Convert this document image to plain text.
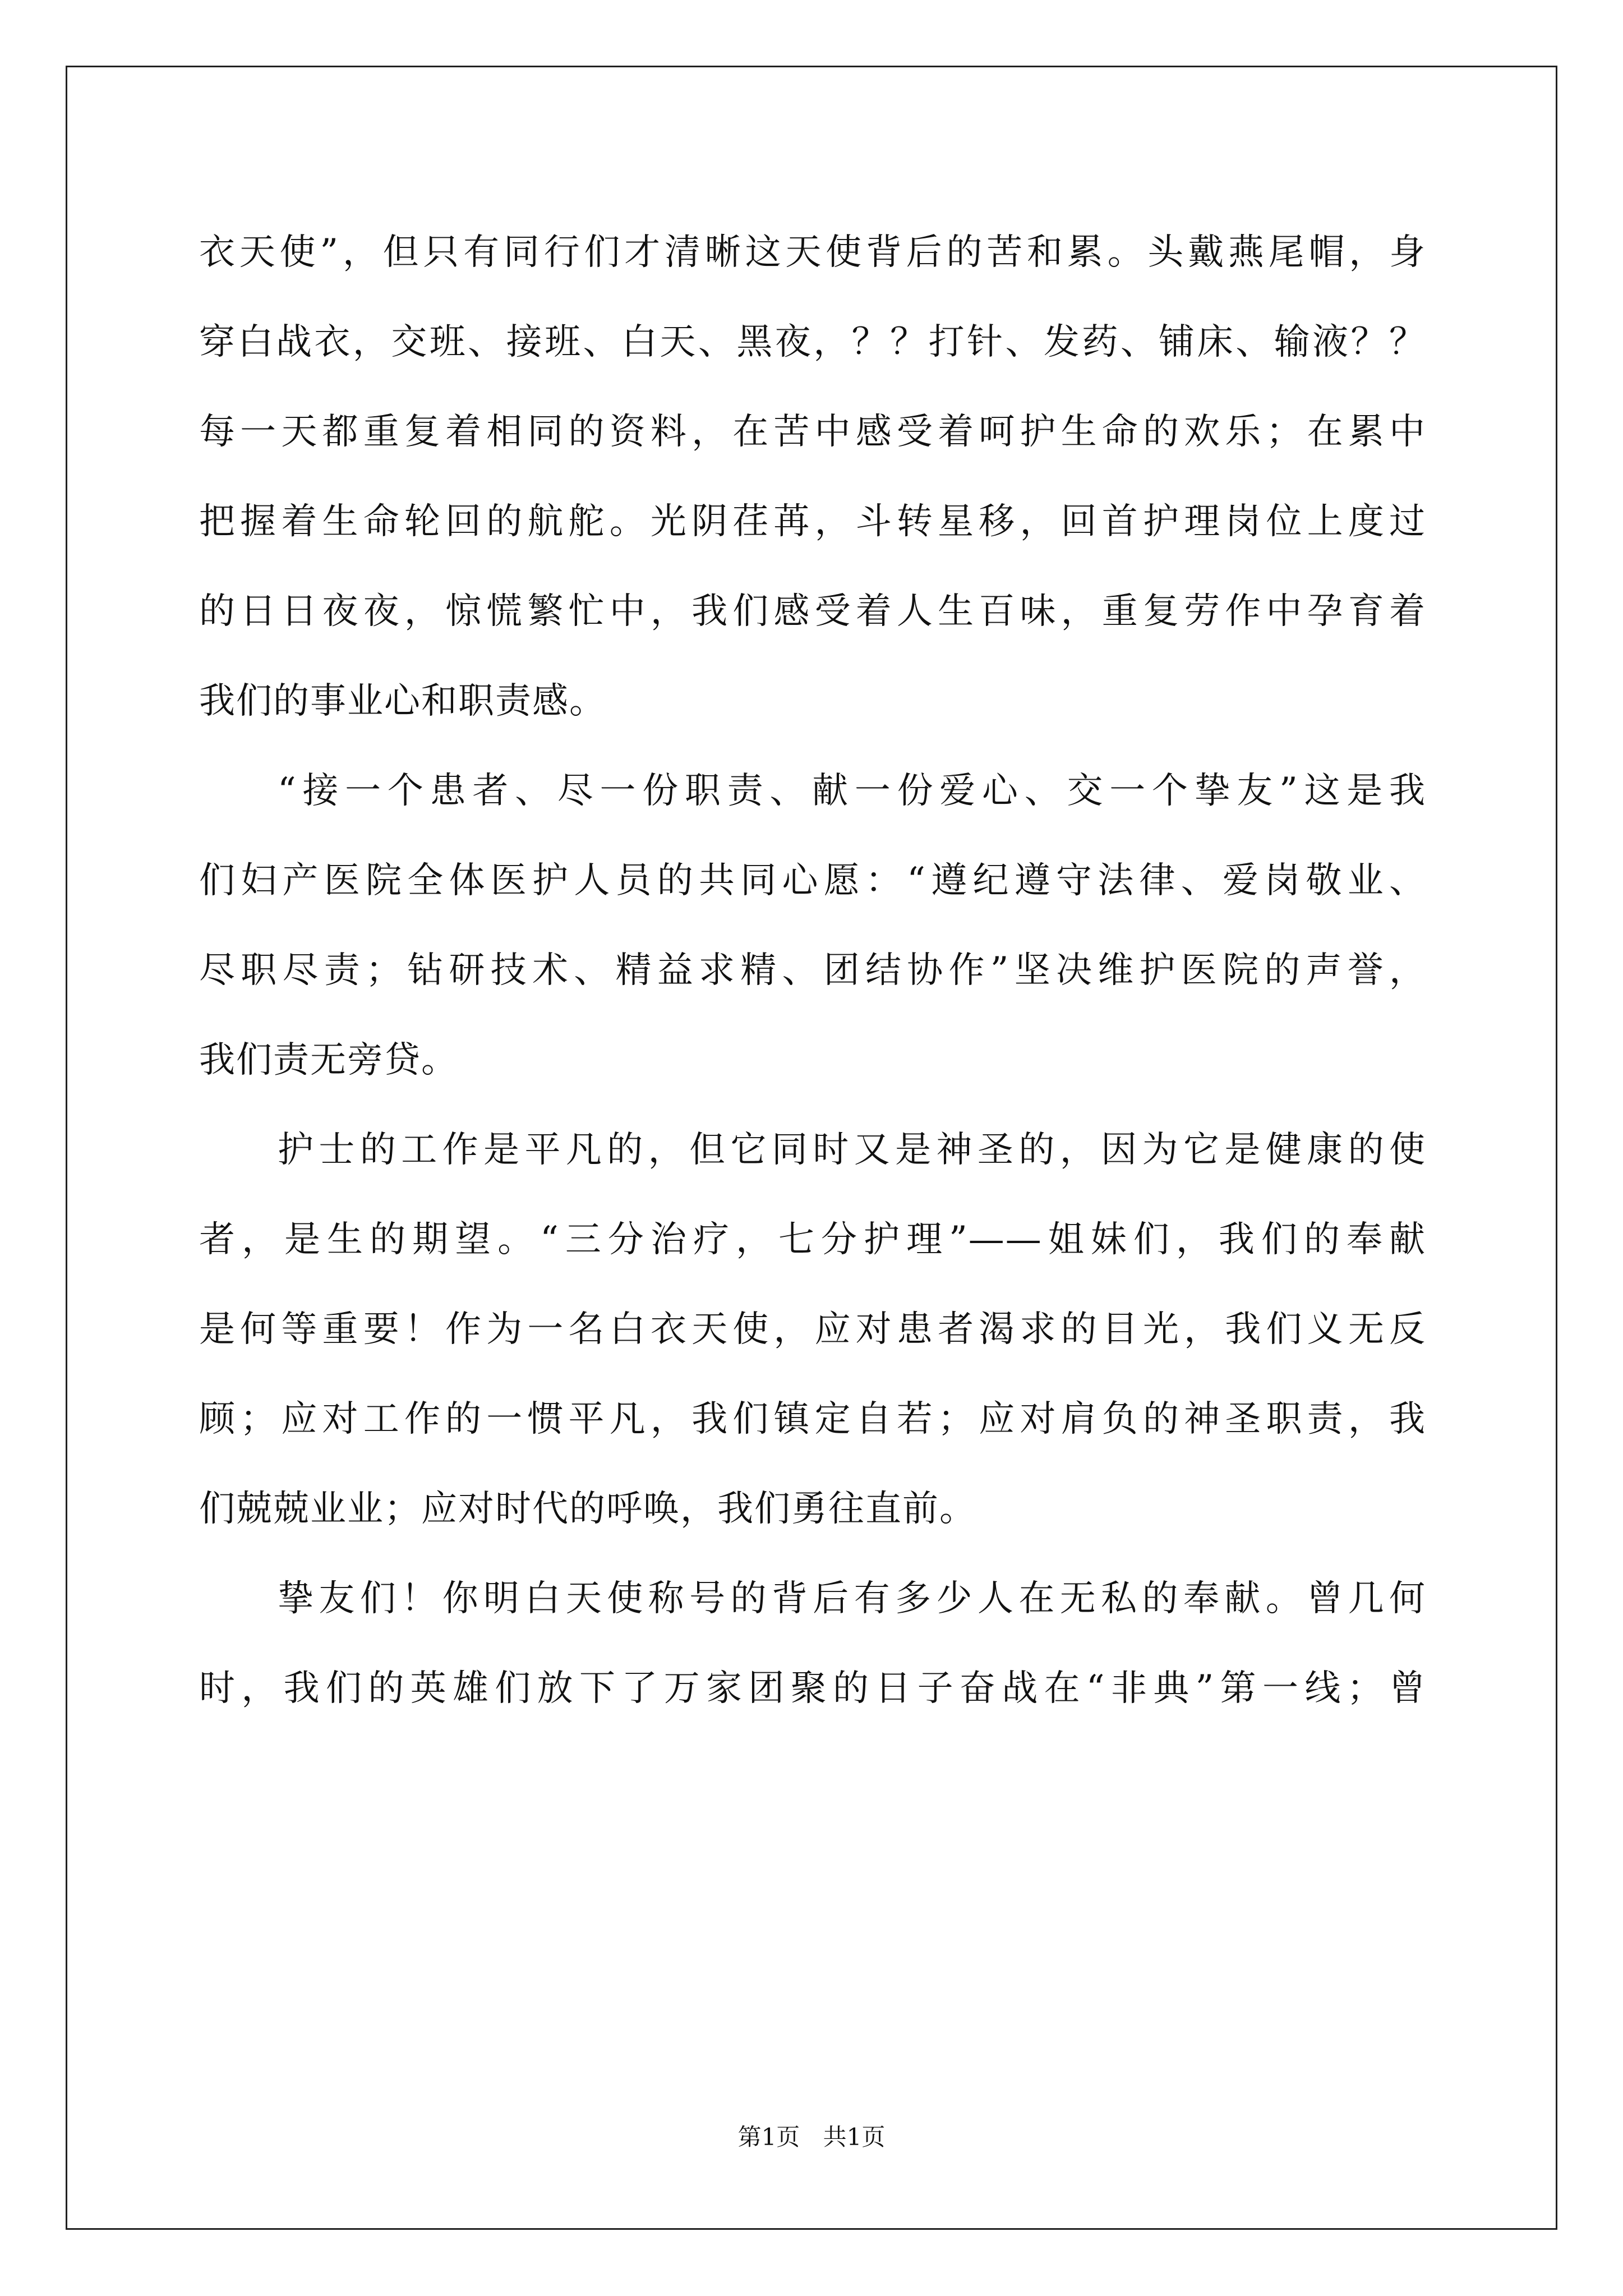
衣天使”，但只有同行们才清晰这天使背后的苦和累。头戴燕尾帽，身
穿白战衣，交班、接班、白天、黑夜，？？打针、发药、铺床、输液？？
每一天都重复着相同的资料，在苦中感受着呵护生命的欢乐；在累中
把握着生命轮回的航舵。光阴荏苒，斗转星移，回首护理岗位上度过
的日日夜夜，惊慌繁忙中，我们感受着人生百味，重复劳作中孕育着
我们的事业心和职责感。
“接一个患者、尽一份职责、献一份爱心、交一个挚友”这是我
们妇产医院全体医护人员的共同心愿：“遵纪遵守法律、爱岗敬业、
尽职尽责；钻研技术、精益求精、团结协作”坚决维护医院的声誉，
我们责无旁贷。
护士的工作是平凡的，但它同时又是神圣的，因为它是健康的使
者，是生的期望。“三分治疗，七分护理”——姐妹们，我们的奉献
是何等重要！作为一名白衣天使，应对患者渴求的目光，我们义无反
顾；应对工作的一惯平凡，我们镇定自若；应对肩负的神圣职责，我
们兢兢业业；应对时代的呼唤，我们勇往直前。
挚友们！你明白天使称号的背后有多少人在无私的奉献。曾几何
时，我们的英雄们放下了万家团聚的日子奋战在“非典”第一线；曾
第1页 共1页
